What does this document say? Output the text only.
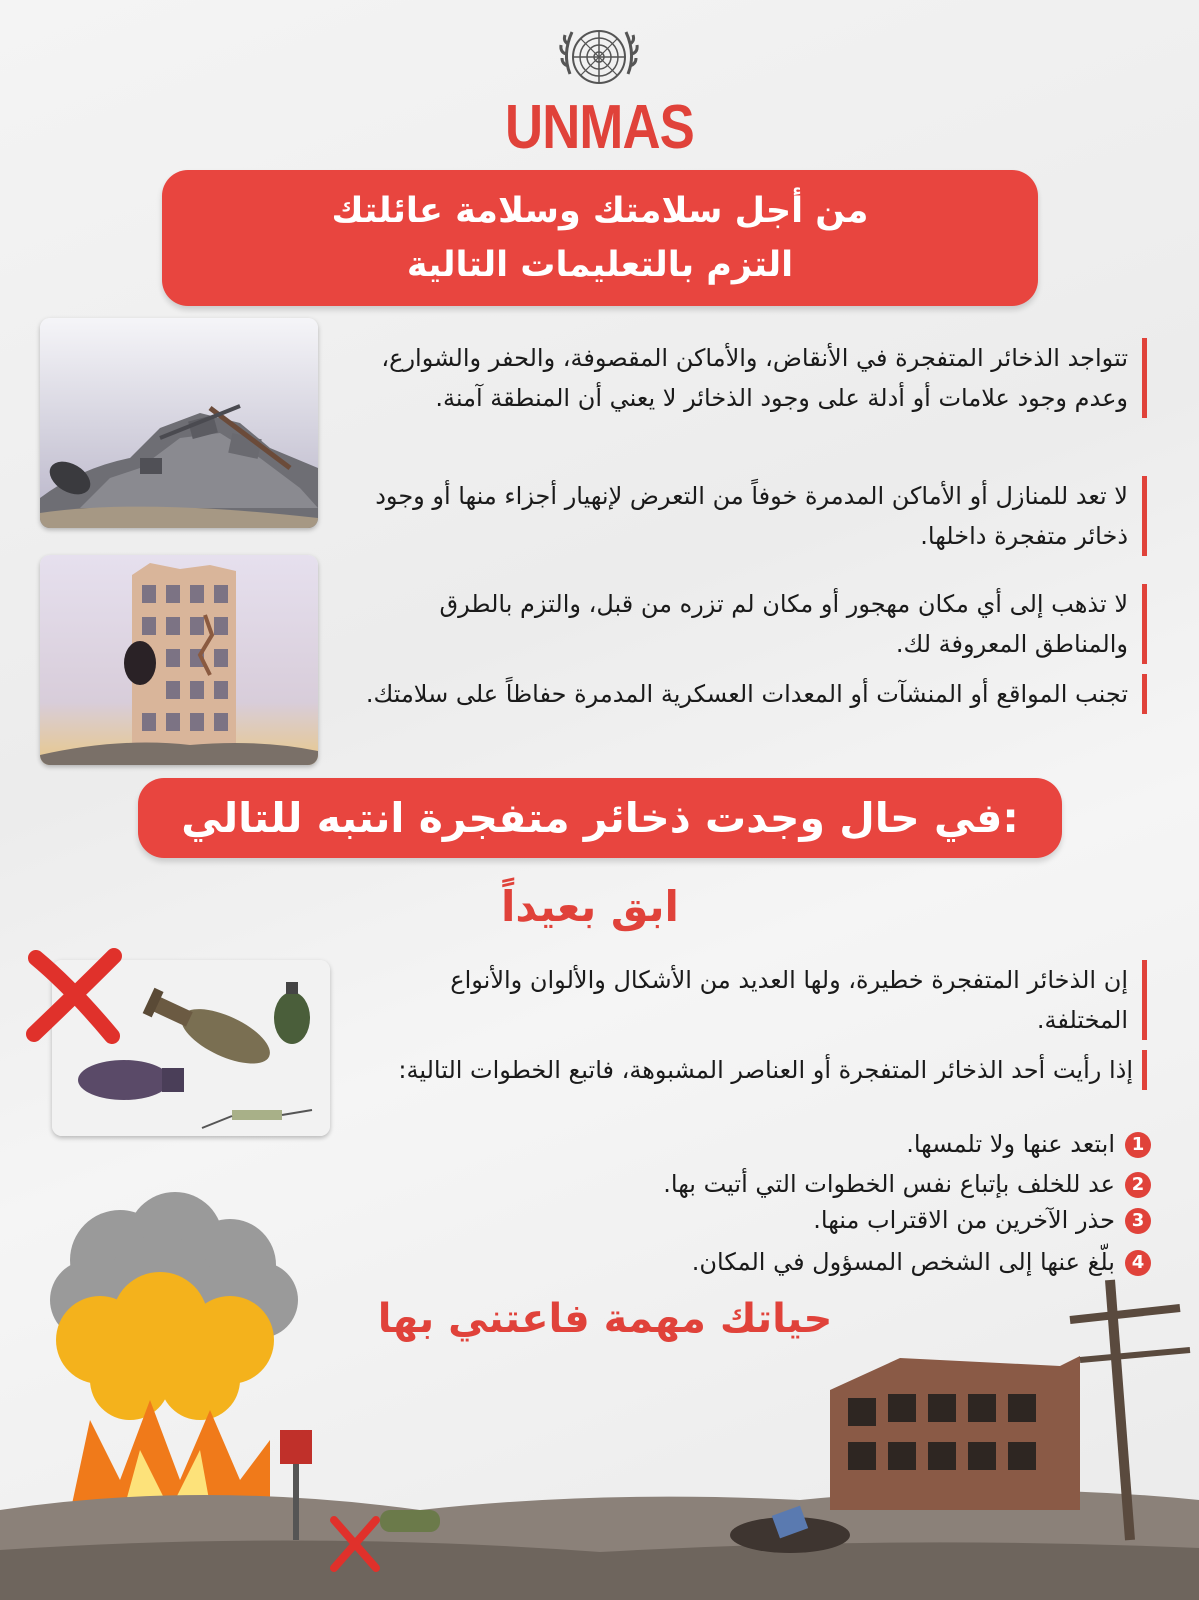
UNMAS
من أجل سلامتك وسلامة عائلتك
التزم بالتعليمات التالية
تتواجد الذخائر المتفجرة في الأنقاض، والأماكن المقصوفة، والحفر والشوارع، وعدم وجود علامات أو أدلة على وجود الذخائر لا يعني أن المنطقة آمنة.
لا تعد للمنازل أو الأماكن المدمرة خوفاً من التعرض لإنهيار أجزاء منها أو وجود ذخائر متفجرة داخلها.
لا تذهب إلى أي مكان مهجور أو مكان لم تزره من قبل، والتزم بالطرق والمناطق المعروفة لك.
تجنب المواقع أو المنشآت أو المعدات العسكرية المدمرة حفاظاً على سلامتك.
في حال وجدت ذخائر متفجرة انتبه للتالي:
ابق بعيداً
إن الذخائر المتفجرة خطيرة، ولها العديد من الأشكال والألوان والأنواع المختلفة.
إذا رأيت أحد الذخائر المتفجرة أو العناصر المشبوهة، فاتبع الخطوات التالية:
1ابتعد عنها ولا تلمسها.
2عد للخلف بإتباع نفس الخطوات التي أتيت بها.
3حذر الآخرين من الاقتراب منها.
4بلّغ عنها إلى الشخص المسؤول في المكان.
حياتك مهمة فاعتني بها
